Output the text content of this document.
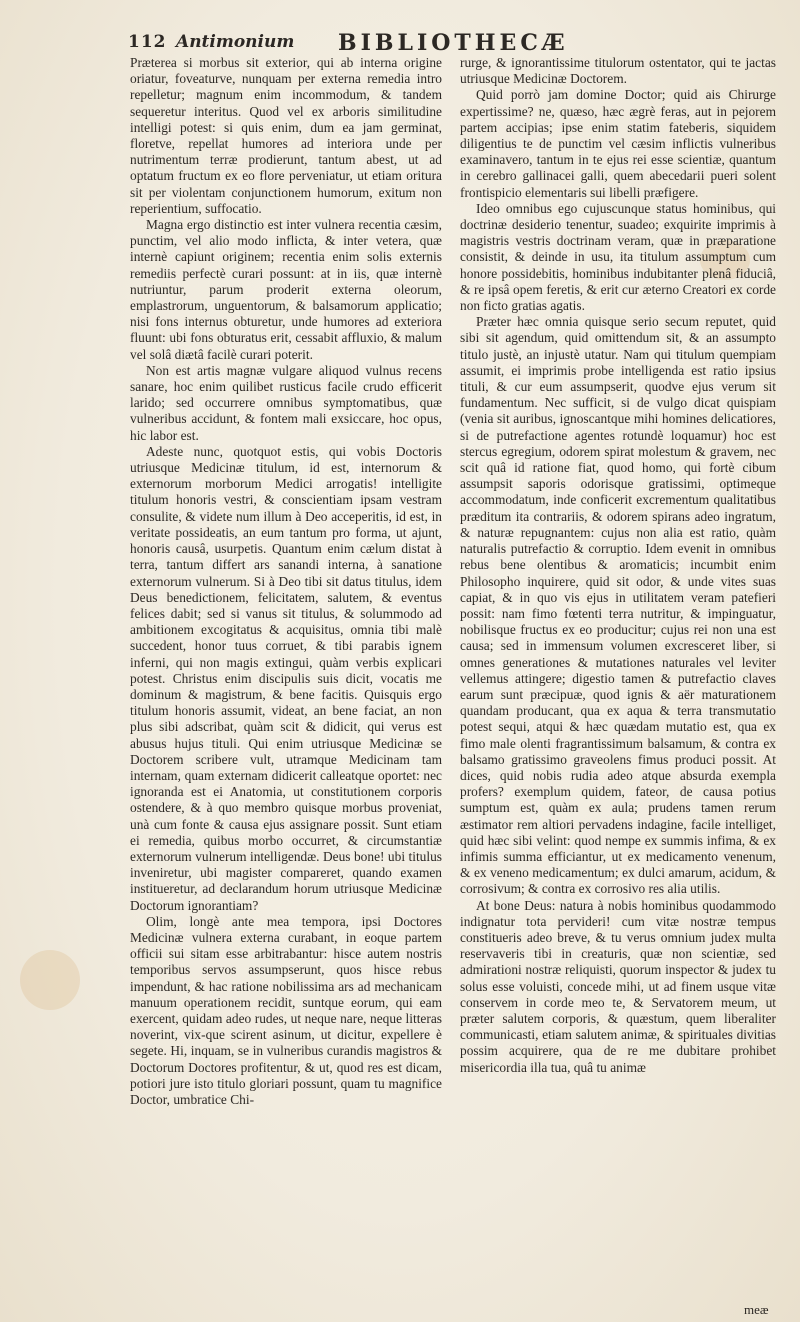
112 Antimonium BIBLIOTHECÆ

Præterea si morbus sit exterior, qui ab interna origine oriatur, foveaturve, nunquam per externa remedia intro repelletur; magnum enim incommodum, & tandem sequeretur interitus. Quod vel ex arboris similitudine intelligi potest: si quis enim, dum ea jam germinat, floretve, repellat humores ad interiora unde per nutrimentum terræ prodierunt, tantum abest, ut ad optatum fructum ex eo flore perveniatur, ut etiam oritura sit per violentam conjunctionem humorum, exitum non reperientium, suffocatio.

Magna ergo distinctio est inter vulnera recentia cæsim, punctim, vel alio modo inflicta, & inter vetera, quæ internè capiunt originem; recentia enim solis externis remediis perfectè curari possunt: at in iis, quæ internè nutriuntur, parum proderit externa oleorum, emplastrorum, unguentorum, & balsamorum applicatio; nisi fons internus obturetur, unde humores ad exteriora fluunt: ubi fons obturatus erit, cessabit affluxio, & malum vel solâ diætâ facilè curari poterit.

Non est artis magnæ vulgare aliquod vulnus recens sanare, hoc enim quilibet rusticus facile crudo efficerit larido; sed occurrere omnibus symptomatibus, quæ vulneribus accidunt, & fontem mali exsiccare, hoc opus, hic labor est.

Adeste nunc, quotquot estis, qui vobis Doctoris utriusque Medicinæ titulum, id est, internorum & externorum morborum Medici arrogatis! intelligite titulum honoris vestri, & conscientiam ipsam vestram consulite, & videte num illum à Deo acceperitis, id est, in veritate possideatis, an eum tantum pro forma, ut ajunt, honoris causâ, usurpetis. Quantum enim cælum distat à terra, tantum differt ars sanandi interna, à sanatione externorum vulnerum. Si à Deo tibi sit datus titulus, idem Deus benedictionem, felicitatem, salutem, & eventus felices dabit; sed si vanus sit titulus, & solummodo ad ambitionem excogitatus & acquisitus, omnia tibi malè succedent, honor tuus corruet, & tibi parabis ignem inferni, qui non magis extingui, quàm verbis explicari potest. Christus enim discipulis suis dicit, vocatis me dominum & magistrum, & bene facitis. Quisquis ergo titulum honoris assumit, videat, an bene faciat, an non plus sibi adscribat, quàm scit & didicit, qui verus est abusus hujus tituli. Qui enim utriusque Medicinæ se Doctorem scribere vult, utramque Medicinam tam internam, quam externam didicerit calleatque oportet: nec ignoranda est ei Anatomia, ut constitutionem corporis ostendere, & à quo membro quisque morbus proveniat, unà cum fonte & causa ejus assignare possit. Sunt etiam ei remedia, quibus morbo occurret, & circumstantiæ externorum vulnerum intelligendæ. Deus bone! ubi titulus inveniretur, ubi magister compareret, quando examen institueretur, ad declarandum horum utriusque Medicinæ Doctorum ignorantiam?

Olim, longè ante mea tempora, ipsi Doctores Medicinæ vulnera externa curabant, in eoque partem officii sui sitam esse arbitrabantur: hisce autem nostris temporibus servos assumpserunt, quos hisce rebus impendunt, & hac ratione nobilissima ars ad mechanicam manuum operationem recidit, suntque eorum, qui eam exercent, quidam adeo rudes, ut neque nare, neque litteras noverint, vix-que scirent asinum, ut dicitur, expellere è segete. Hi, inquam, se in vulneribus curandis magistros & Doctorum Doctores profitentur, & ut, quod res est dicam, potiori jure isto titulo gloriari possunt, quam tu magnifice Doctor, umbratice Chi-

rurge, & ignorantissime titulorum ostentator, qui te jactas utriusque Medicinæ Doctorem.

Quid porrò jam domine Doctor; quid ais Chirurge expertissime? ne, quæso, hæc ægrè feras, aut in pejorem partem accipias; ipse enim statim fateberis, siquidem diligentius te de punctim vel cæsim inflictis vulneribus examinavero, tantum in te ejus rei esse scientiæ, quantum in cerebro gallinacei galli, quem abecedarii pueri solent frontispicio elementaris sui libelli præfigere.

Ideo omnibus ego cujuscunque status hominibus, qui doctrinæ desiderio tenentur, suadeo; exquirite imprimis à magistris vestris doctrinam veram, quæ in præparatione consistit, & deinde in usu, ita titulum assumptum cum honore possidebitis, hominibus indubitanter plenâ fiduciâ, & re ipsâ opem feretis, & erit cur æterno Creatori ex corde non ficto gratias agatis.

Præter hæc omnia quisque serio secum reputet, quid sibi sit agendum, quid omittendum sit, & an assumpto titulo justè, an injustè utatur. Nam qui titulum quempiam assumit, ei imprimis probe intelligenda est ratio ipsius tituli, & cur eum assumpserit, quodve ejus verum sit fundamentum. Nec sufficit, si de vulgo dicat quispiam (venia sit auribus, ignoscantque mihi homines delicatiores, si de putrefactione agentes rotundè loquamur) hoc est stercus egregium, odorem spirat molestum & gravem, nec scit quâ id ratione fiat, quod homo, qui fortè cibum assumpsit saporis odorisque gratissimi, optimeque accommodatum, inde conficerit excrementum qualitatibus præditum ita contrariis, & odorem spirans adeo ingratum, & naturæ repugnantem: cujus non alia est ratio, quàm naturalis putrefactio & corruptio. Idem evenit in omnibus rebus bene olentibus & aromaticis; incumbit enim Philosopho inquirere, quid sit odor, & unde vites suas capiat, & in quo vis ejus in utilitatem veram patefieri possit: nam fimo fœtenti terra nutritur, & impinguatur, nobilisque fructus ex eo producitur; cujus rei non una est causa; sed in immensum volumen excresceret liber, si omnes generationes & mutationes naturales vel leviter vellemus attingere; digestio tamen & putrefactio claves earum sunt præcipuæ, quod ignis & aër maturationem quandam producant, qua ex aqua & terra transmutatio potest sequi, atqui & hæc quædam mutatio est, qua ex fimo male olenti fragrantissimum balsamum, & contra ex balsamo gratissimo graveolens fimus produci possit. At dices, quid nobis rudia adeo atque absurda exempla profers? exemplum quidem, fateor, de causa potius sumptum est, quàm ex aula; prudens tamen rerum æstimator rem altiori pervadens indagine, facile intelliget, quid hæc sibi velint: quod nempe ex summis infima, & ex infimis summa efficiantur, ut ex medicamento venenum, & ex veneno medicamentum; ex dulci amarum, acidum, & corrosivum; & contra ex corrosivo res alia utilis.

At bone Deus: natura à nobis hominibus quodammodo indignatur tota pervideri! cum vitæ nostræ tempus constitueris adeo breve, & tu verus omnium judex multa reservaveris tibi in creaturis, quæ non scientiæ, sed admirationi nostræ reliquisti, quorum inspector & judex tu solus esse voluisti, concede mihi, ut ad finem usque vitæ conservem in corde meo te, & Servatorem meum, ut præter salutem corporis, & quæstum, quem liberaliter communicasti, etiam salutem animæ, & spirituales divitias possim acquirere, qua de re me dubitare prohibet misericordia illa tua, quâ tu animæ

meæ
